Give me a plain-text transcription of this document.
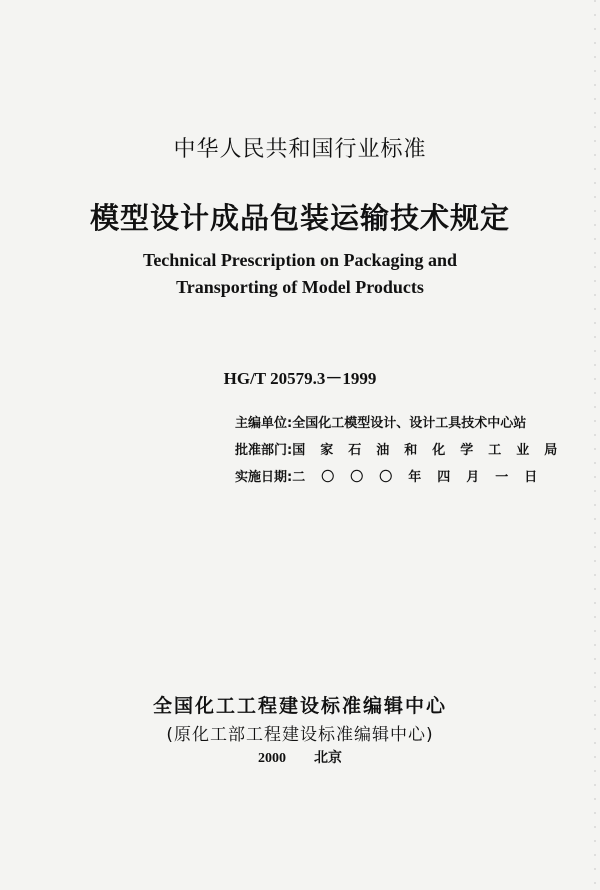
中华人民共和国行业标准
模型设计成品包装运输技术规定
Technical Prescription on Packaging and
Transporting of Model Products
HG/T 20579.3－1999
主编单位:全国化工模型设计、设计工具技术中心站
批准部门:国家石油和化学工业局
实施日期:二〇〇〇年四月一日
全国化工工程建设标准编辑中心
(原化工部工程建设标准编辑中心)
2000 北京
